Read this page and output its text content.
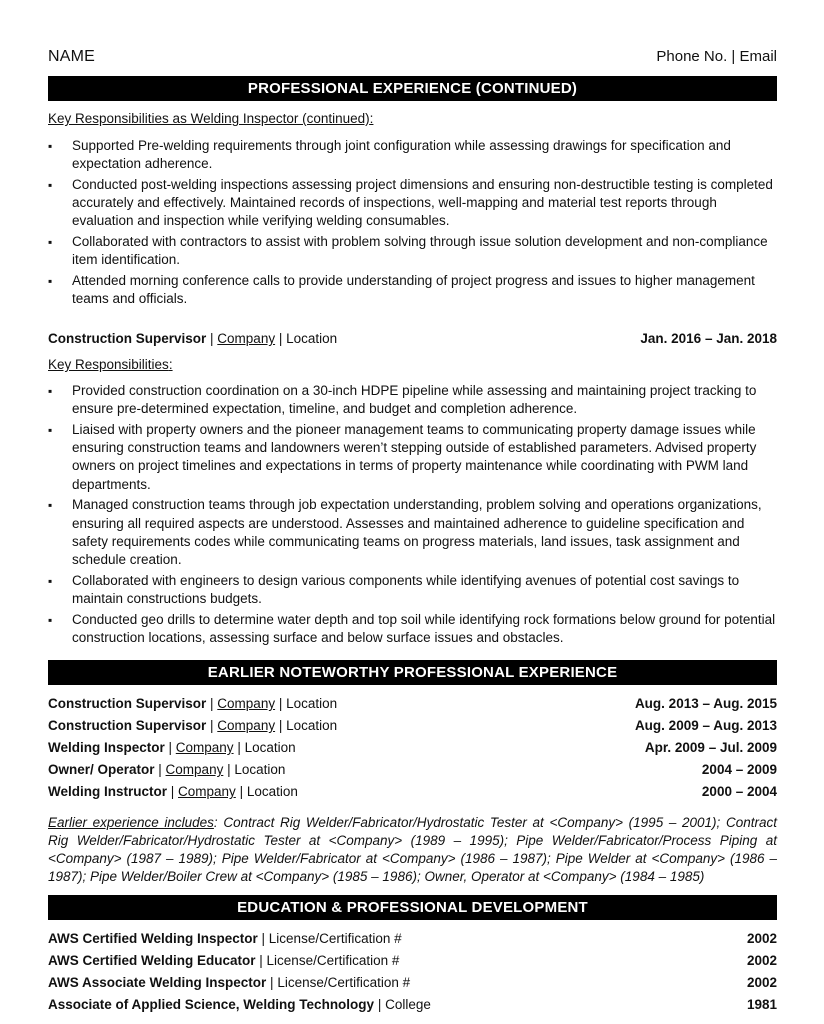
NAME	Phone No. | Email
PROFESSIONAL EXPERIENCE (CONTINUED)
Key Responsibilities as Welding Inspector (continued):
▪ Supported Pre-welding requirements through joint configuration while assessing drawings for specification and expectation adherence.
▪ Conducted post-welding inspections assessing project dimensions and ensuring non-destructible testing is completed accurately and effectively. Maintained records of inspections, well-mapping and material test reports through evaluation and inspection while verifying welding consumables.
▪ Collaborated with contractors to assist with problem solving through issue solution development and non-compliance item identification.
▪ Attended morning conference calls to provide understanding of project progress and issues to higher management teams and officials.
Construction Supervisor | Company | Location	Jan. 2016 – Jan. 2018
Key Responsibilities:
▪ Provided construction coordination on a 30-inch HDPE pipeline while assessing and maintaining project tracking to ensure pre-determined expectation, timeline, and budget and completion adherence.
▪ Liaised with property owners and the pioneer management teams to communicating property damage issues while ensuring construction teams and landowners weren’t stepping outside of established parameters. Advised property owners on project timelines and expectations in terms of property maintenance while coordinating with PWM land departments.
▪ Managed construction teams through job expectation understanding, problem solving and operations organizations, ensuring all required aspects are understood. Assesses and maintained adherence to guideline specification and safety requirements codes while communicating teams on progress materials, land issues, task assignment and schedule creation.
▪ Collaborated with engineers to design various components while identifying avenues of potential cost savings to maintain constructions budgets.
▪ Conducted geo drills to determine water depth and top soil while identifying rock formations below ground for potential construction locations, assessing surface and below surface issues and obstacles.
EARLIER NOTEWORTHY PROFESSIONAL EXPERIENCE
Construction Supervisor | Company | Location	Aug. 2013 – Aug. 2015
Construction Supervisor | Company | Location	Aug. 2009 – Aug. 2013
Welding Inspector | Company | Location	Apr. 2009 – Jul. 2009
Owner/ Operator | Company | Location	2004 – 2009
Welding Instructor | Company | Location	2000 – 2004
Earlier experience includes: Contract Rig Welder/Fabricator/Hydrostatic Tester at <Company> (1995 – 2001); Contract Rig Welder/Fabricator/Hydrostatic Tester at <Company> (1989 – 1995); Pipe Welder/Fabricator/Process Piping at <Company> (1987 – 1989); Pipe Welder/Fabricator at <Company> (1986 – 1987); Pipe Welder at <Company> (1986 – 1987); Pipe Welder/Boiler Crew at <Company> (1985 – 1986); Owner, Operator at <Company> (1984 – 1985)
EDUCATION & PROFESSIONAL DEVELOPMENT
AWS Certified Welding Inspector | License/Certification #	2002
AWS Certified Welding Educator | License/Certification #	2002
AWS Associate Welding Inspector | License/Certification #	2002
Associate of Applied Science, Welding Technology | College	1981
